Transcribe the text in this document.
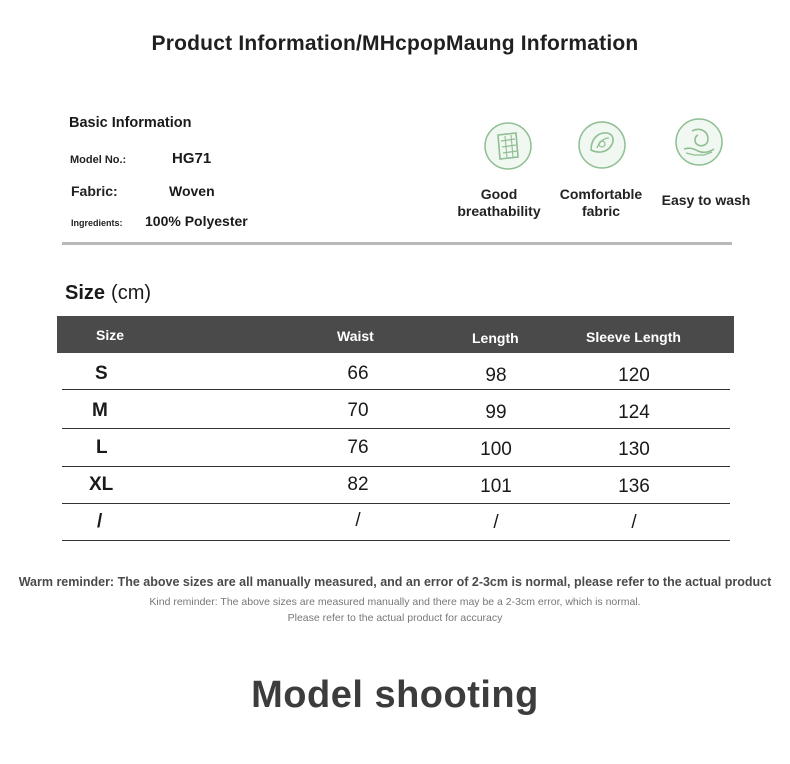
Product Information/MHcpopMaung Information
Basic Information
Model No.:	HG71
Fabric:	Woven
Ingredients: 100% Polyester
Good
breathability
Comfortable
fabric
Easy to wash
Size (cm)
Size	Waist	Length	Sleeve Length
S	66	98	120
M	70	99	124
L	76	100	130
XL	82	101	136
/	/	/	/
Warm reminder: The above sizes are all manually measured, and an error of 2-3cm is normal, please refer to the actual product
Kind reminder: The above sizes are measured manually and there may be a 2-3cm error, which is normal.
Please refer to the actual product for accuracy
Model shooting
